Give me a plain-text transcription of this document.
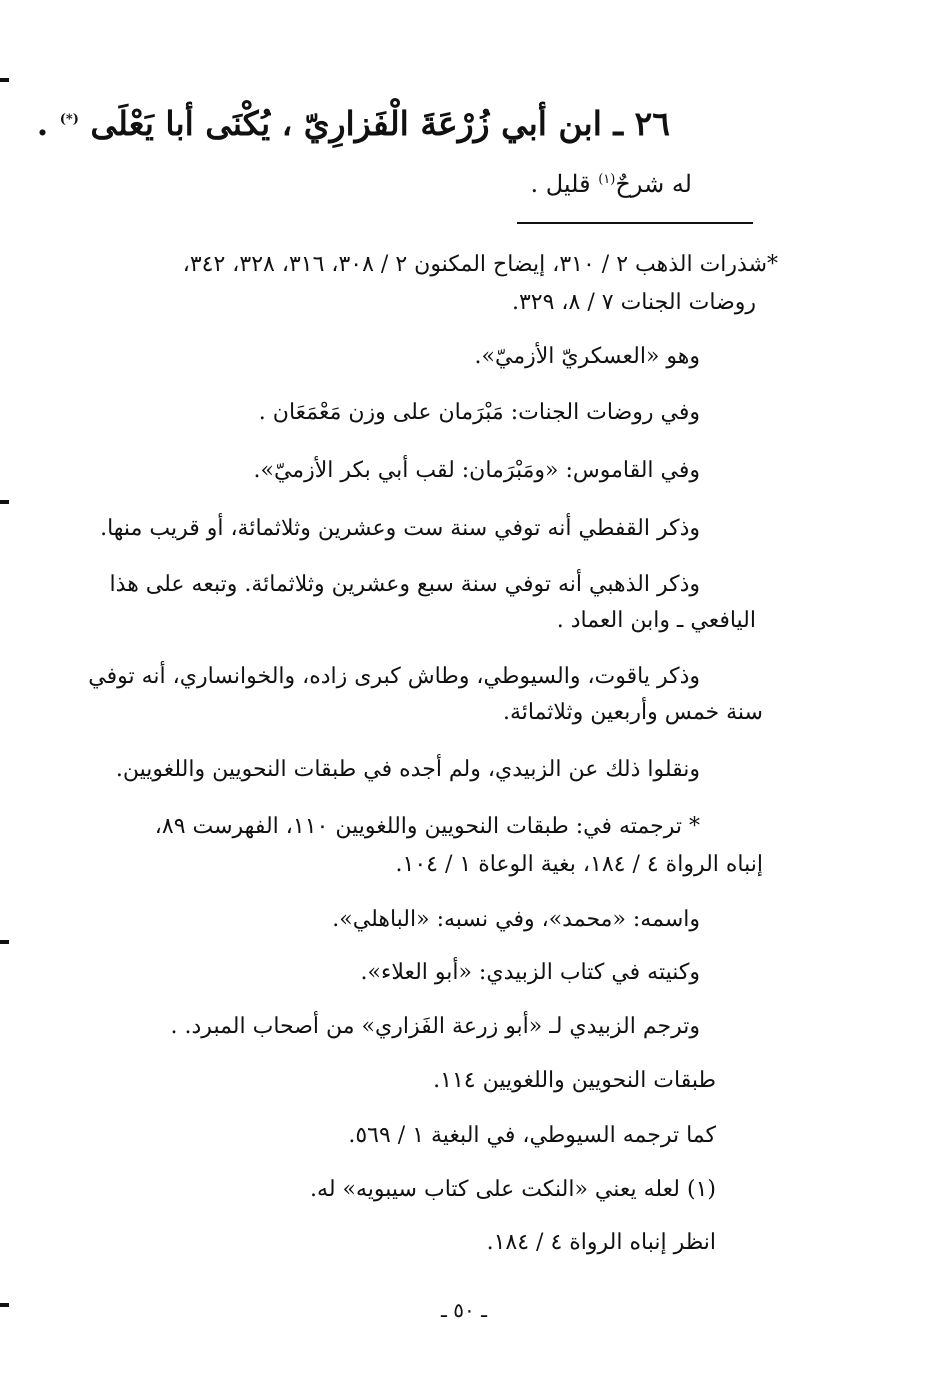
٢٦ ـ ابن أبي زُرْعَةَ الْفَزارِيّ ، يُكْنَى أبا يَعْلَى (*) .
له شرحٌ$^{(١)}$ قليل .
*شذرات الذهب ٢ / ٣١٠، إيضاح المكنون ٢ / ٣٠٨، ٣١٦، ٣٢٨، ٣٤٢،
روضات الجنات ٧ / ٨، ٣٢٩.
وهو «العسكريّ الأزميّ».
وفي روضات الجنات: مَبْرَمان على وزن مَعْمَعَان .
وفي القاموس: «ومَبْرَمان: لقب أبي بكر الأزميّ».
وذكر القفطي أنه توفي سنة ست وعشرين وثلاثمائة، أو قريب منها.
وذكر الذهبي أنه توفي سنة سبع وعشرين وثلاثمائة. وتبعه على هذا
اليافعي ـ وابن العماد .
وذكر ياقوت، والسيوطي، وطاش كبرى زاده، والخوانساري، أنه توفي
سنة خمس وأربعين وثلاثمائة.
ونقلوا ذلك عن الزبيدي، ولم أجده في طبقات النحويين واللغويين.
* ترجمته في: طبقات النحويين واللغويين ١١٠، الفهرست ٨٩،
إنباه الرواة ٤ / ١٨٤، بغية الوعاة ١ / ١٠٤.
واسمه: «محمد»، وفي نسبه: «الباهلي».
وكنيته في كتاب الزبيدي: «أبو العلاء».
وترجم الزبيدي لـ «أبو زرعة الفَزاري» من أصحاب المبرد. .
طبقات النحويين واللغويين ١١٤.
كما ترجمه السيوطي، في البغية ١ / ٥٦٩.
(١) لعله يعني «النكت على كتاب سيبويه» له.
انظر إنباه الرواة ٤ / ١٨٤.
ـ ٥٠ ـ
